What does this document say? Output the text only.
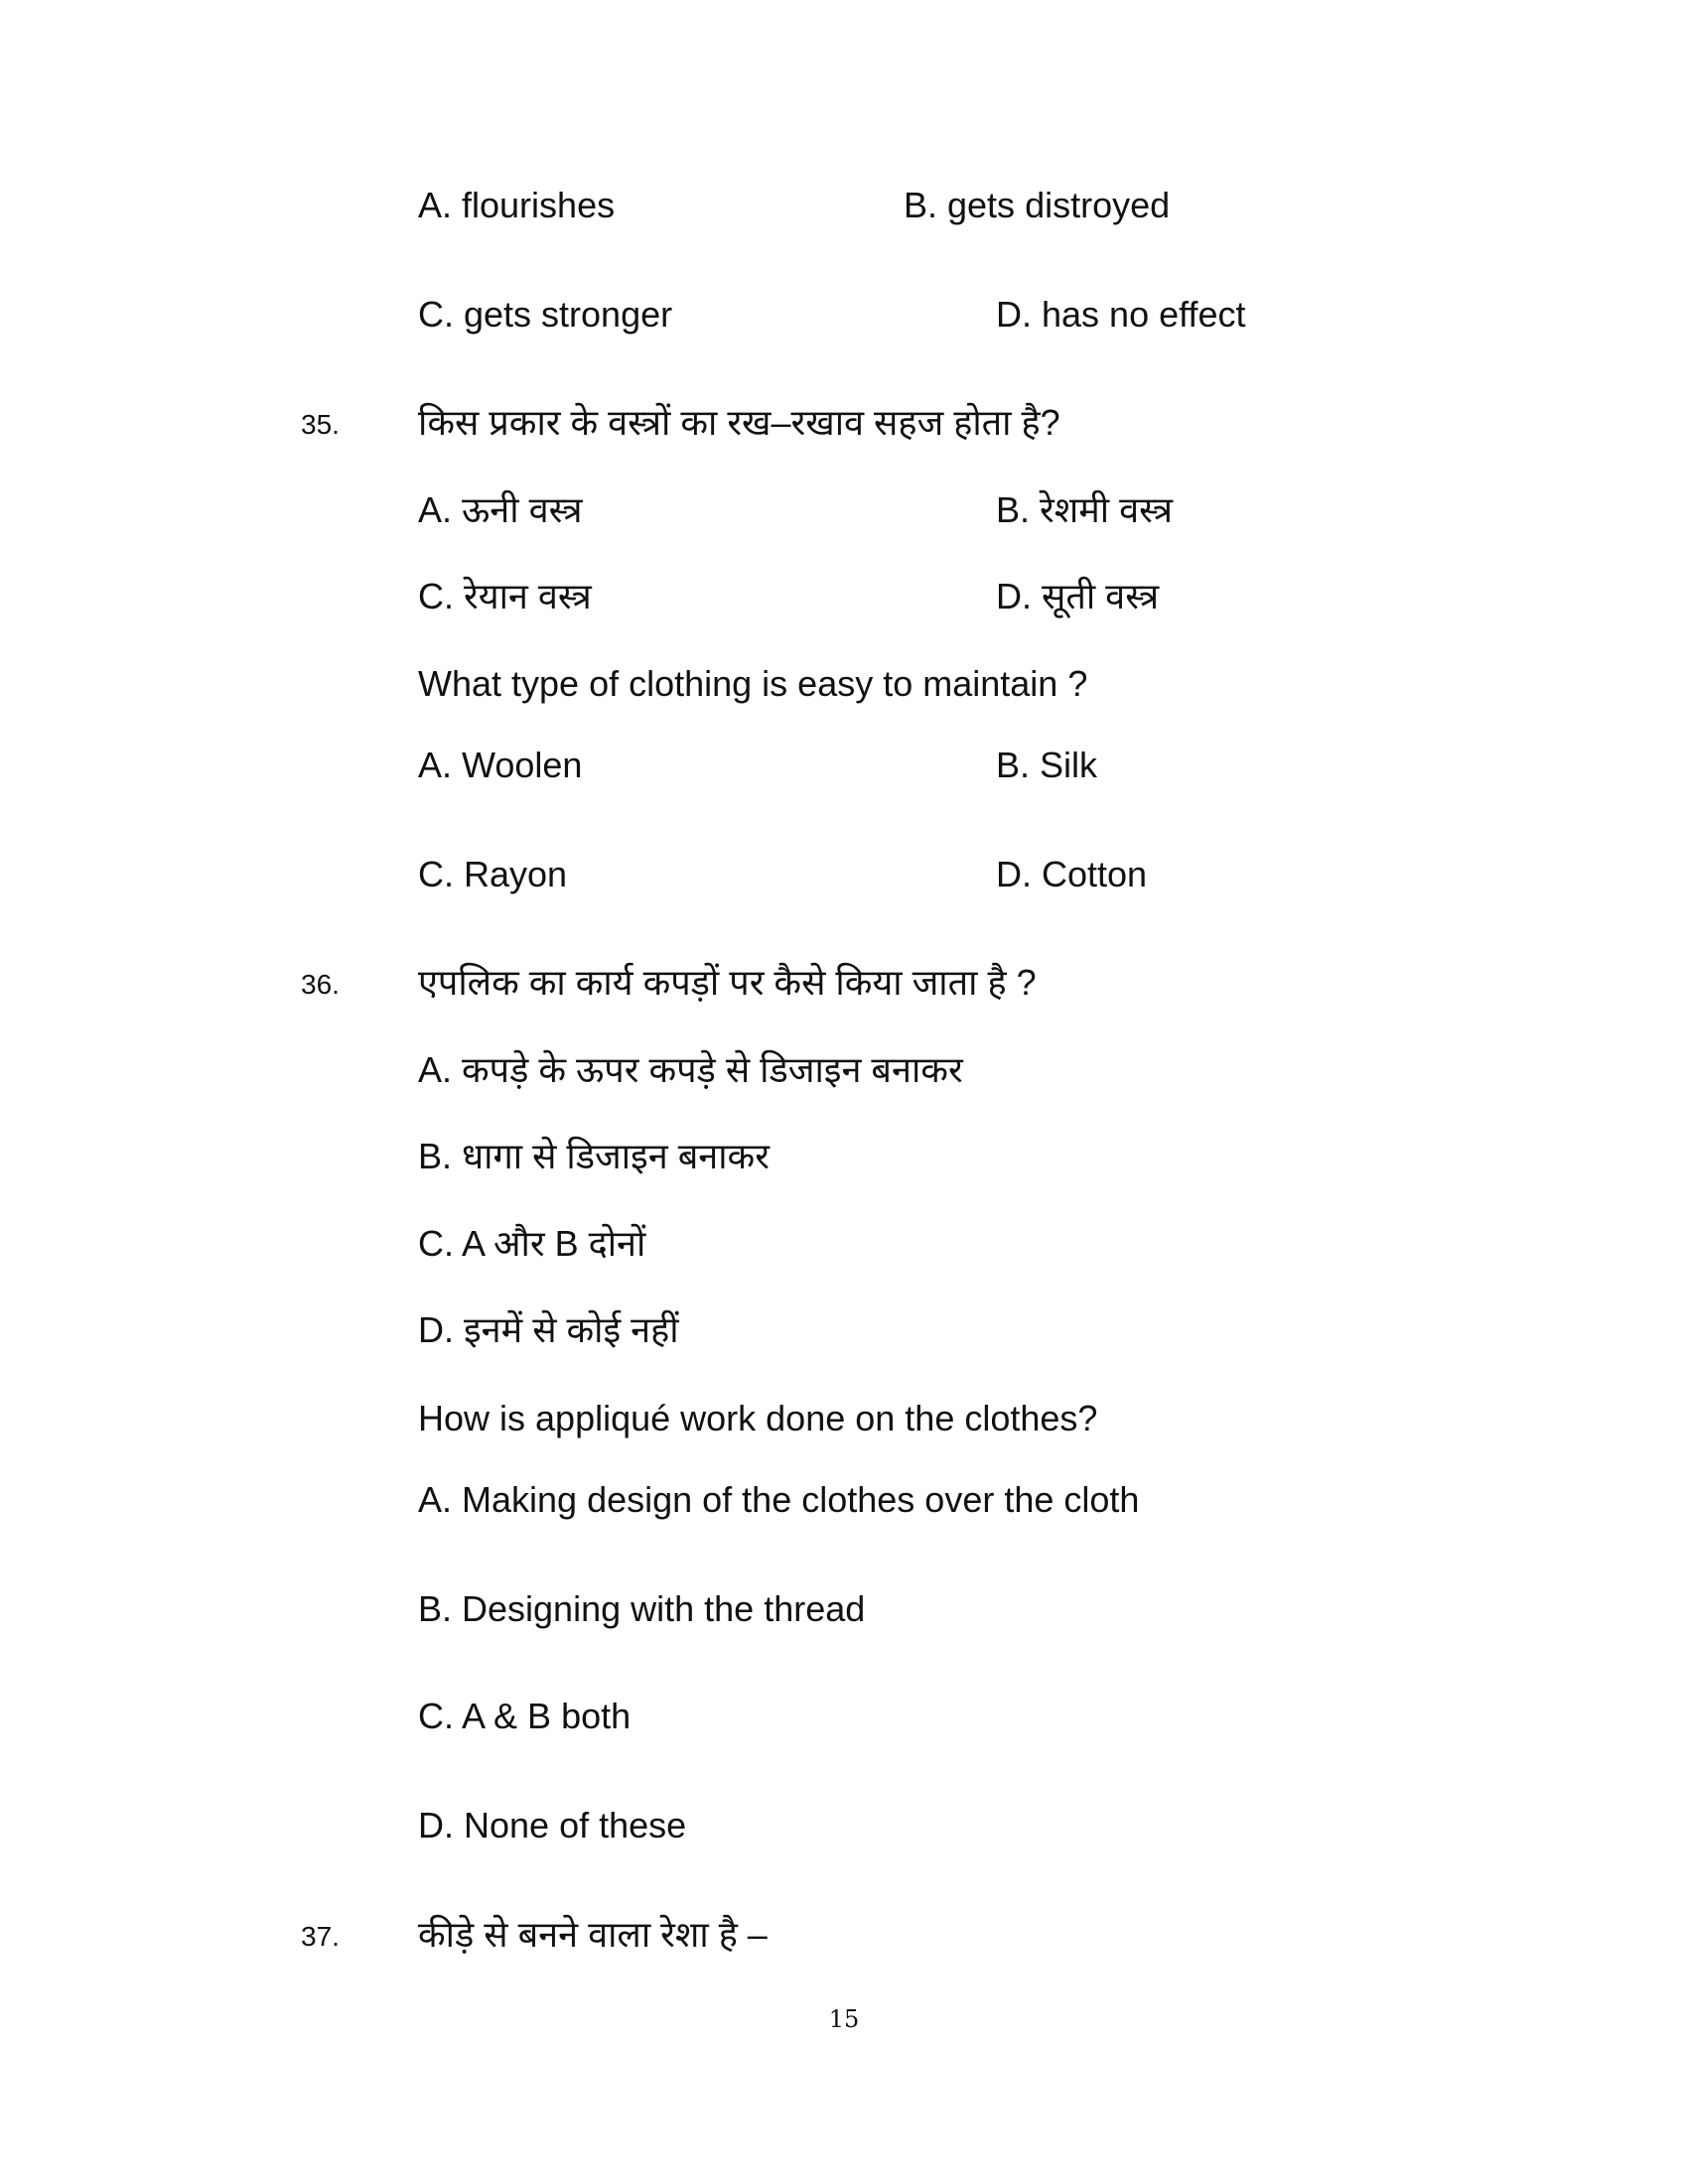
A. flourishes	B. gets distroyed
C. gets stronger	D. has no effect
35. किस प्रकार के वस्त्रों का रख–रखाव सहज होता है?
A. ऊनी वस्त्र	B. रेशमी वस्त्र
C. रेयान वस्त्र	D. सूती वस्त्र
What type of clothing is easy to maintain ?
A. Woolen	B. Silk
C. Rayon	D. Cotton
36. एपलिक का कार्य कपड़ों पर कैसे किया जाता है ?
A. कपड़े के ऊपर कपड़े से डिजाइन बनाकर
B. धागा से डिजाइन बनाकर
C. A और B दोनों
D. इनमें से कोई नहीं
How is appliqué work done on the clothes?
A. Making design of the clothes over the cloth
B. Designing with the thread
C. A & B both
D. None of these
37. कीड़े से बनने वाला रेशा है –
15
